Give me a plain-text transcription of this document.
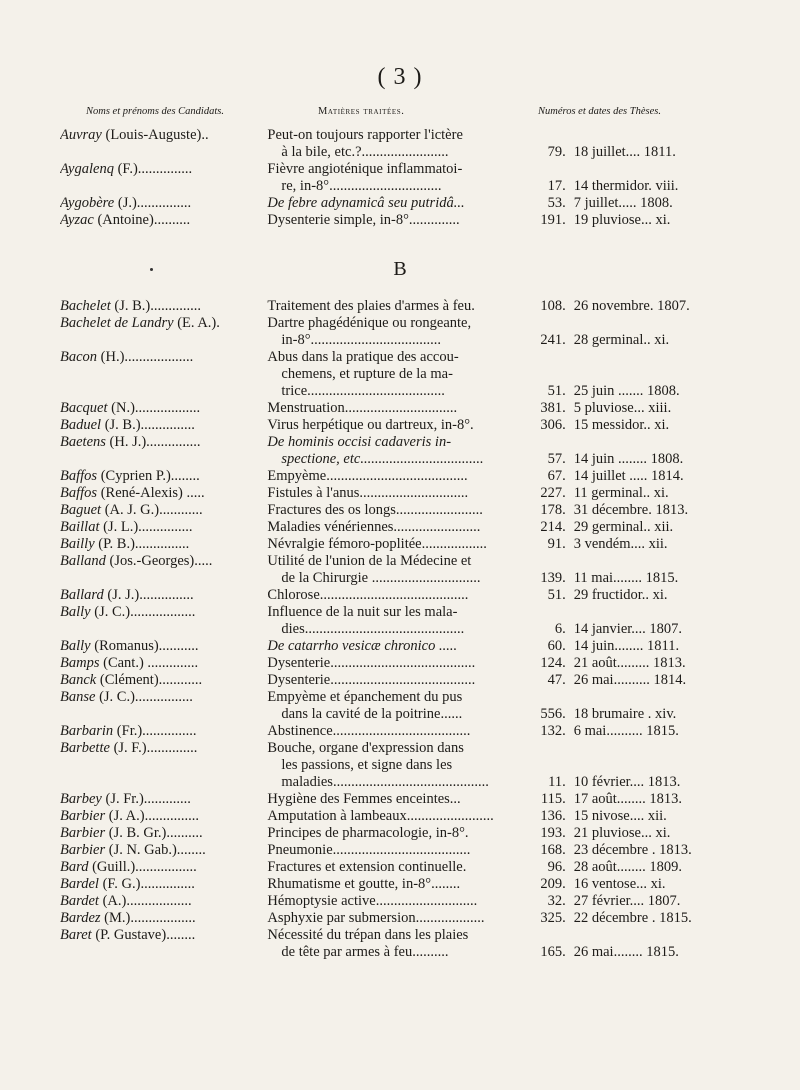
( 3 )
Noms et prénoms des Candidats.	Matières traitées.	Numéros et dates des Thèses.
Auvray (Louis-Auguste)..	Peut-on toujours rapporter l'ictère
à la bile, etc.?........................	79. 18 juillet.... 1811.
Aygalenq (F.)...............	Fièvre angioténique inflammatoi-
re, in-8°...............................	17. 14 thermidor. viii.
Aygobère (J.)...............	De febre adynamicâ seu putridâ...	53. 7 juillet..... 1808.
Ayzac (Antoine)..........	Dysenterie simple, in-8°..............	191. 19 pluviose... xi.
B
Bachelet (J. B.)..............	Traitement des plaies d'armes à feu.	108. 26 novembre. 1807.
Bachelet de Landry (E. A.).	Dartre phagédénique ou rongeante,
in-8°....................................	241. 28 germinal.. xi.
Bacon (H.)...................	Abus dans la pratique des accou-
chemens, et rupture de la ma-
trice......................................	51. 25 juin ....... 1808.
Bacquet (N.)..................	Menstruation...............................	381. 5 pluviose... xiii.
Baduel (J. B.)...............	Virus herpétique ou dartreux, in-8°.	306. 15 messidor.. xi.
Baetens (H. J.)...............	De hominis occisi cadaveris in-
spectione, etc..................................	57. 14 juin ........ 1808.
Baffos (Cyprien P.)........	Empyème.......................................	67. 14 juillet ..... 1814.
Baffos (René-Alexis) .....	Fistules à l'anus..............................	227. 11 germinal.. xi.
Baguet (A. J. G.)............	Fractures des os longs........................	178. 31 décembre. 1813.
Baillat (J. L.)...............	Maladies vénériennes........................	214. 29 germinal.. xii.
Bailly (P. B.)...............	Névralgie fémoro-poplitée..................	91. 3 vendém.... xii.
Balland (Jos.-Georges).....	Utilité de l'union de la Médecine et
de la Chirurgie ..............................	139. 11 mai........ 1815.
Ballard (J. J.)...............	Chlorose.........................................	51. 29 fructidor.. xi.
Bally (J. C.)..................	Influence de la nuit sur les mala-
dies............................................	6. 14 janvier.... 1807.
Bally (Romanus)...........	De catarrho vesicæ chronico .....	60. 14 juin........ 1811.
Bamps (Cant.) ..............	Dysenterie........................................	124. 21 août......... 1813.
Banck (Clément)............	Dysenterie........................................	47. 26 mai.......... 1814.
Banse (J. C.)................	Empyème et épanchement du pus
dans la cavité de la poitrine......	556. 18 brumaire . xiv.
Barbarin (Fr.)...............	Abstinence......................................	132. 6 mai.......... 1815.
Barbette (J. F.)..............	Bouche, organe d'expression dans
les passions, et signe dans les
maladies...........................................	11. 10 février.... 1813.
Barbey (J. Fr.).............	Hygiène des Femmes enceintes...	115. 17 août........ 1813.
Barbier (J. A.)...............	Amputation à lambeaux........................	136. 15 nivose.... xii.
Barbier (J. B. Gr.)..........	Principes de pharmacologie, in-8°.	193. 21 pluviose... xi.
Barbier (J. N. Gab.)........	Pneumonie......................................	168. 23 décembre . 1813.
Bard (Guill.).................	Fractures et extension continuelle.	96. 28 août........ 1809.
Bardel (F. G.)...............	Rhumatisme et goutte, in-8°........	209. 16 ventose... xi.
Bardet (A.)..................	Hémoptysie active............................	32. 27 février.... 1807.
Bardez (M.)..................	Asphyxie par submersion...................	325. 22 décembre . 1815.
Baret (P. Gustave)........	Nécessité du trépan dans les plaies
de tête par armes à feu..........	165. 26 mai........ 1815.
